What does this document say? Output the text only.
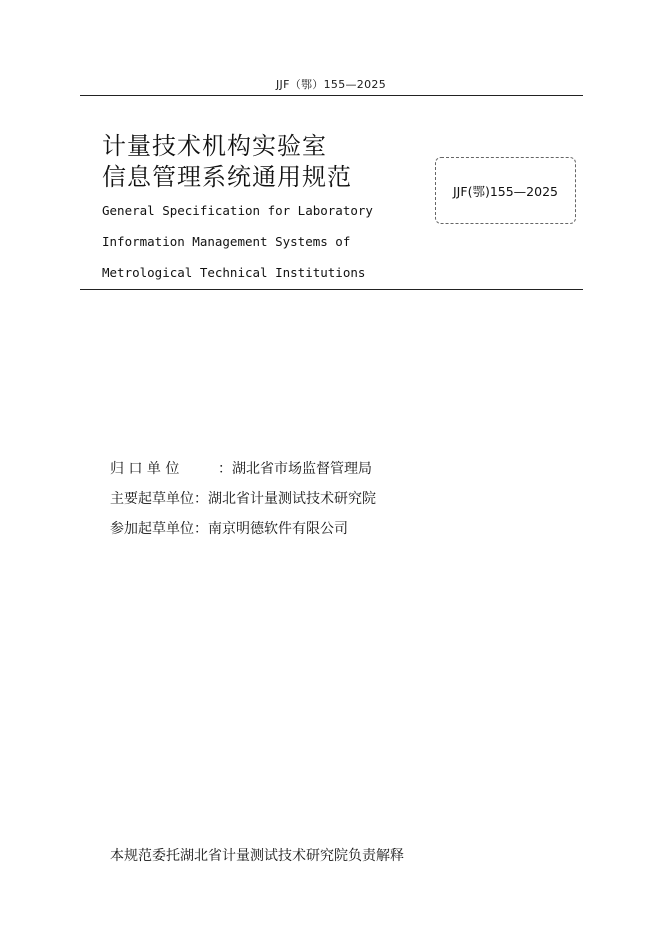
JJF（鄂）155—2025
计量技术机构实验室
信息管理系统通用规范
General Specification for Laboratory
Information Management Systems of
Metrological Technical Institutions
JJF(鄂)155—2025
归 口 单 位	： 湖北省市场监督管理局
主要起草单位 ： 湖北省计量测试技术研究院
参加起草单位 ： 南京明德软件有限公司
本规范委托湖北省计量测试技术研究院负责解释
